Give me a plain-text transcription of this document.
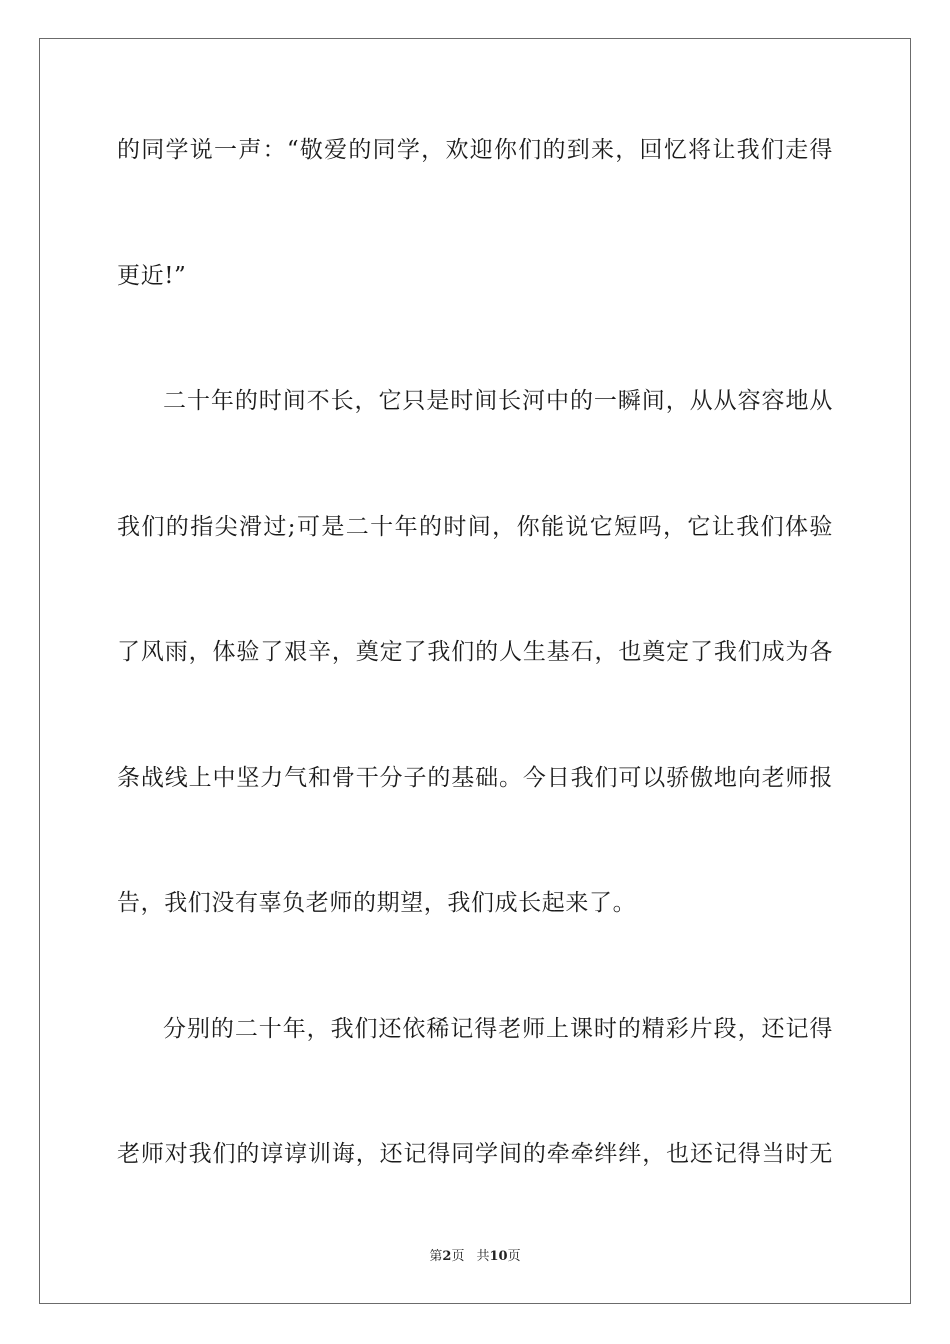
的同学说一声：“敬爱的同学，欢迎你们的到来，回忆将让我们走得

更近!”

二十年的时间不长，它只是时间长河中的一瞬间，从从容容地从

我们的指尖滑过;可是二十年的时间，你能说它短吗，它让我们体验

了风雨，体验了艰辛，奠定了我们的人生基石，也奠定了我们成为各

条战线上中坚力气和骨干分子的基础。今日我们可以骄傲地向老师报

告，我们没有辜负老师的期望，我们成长起来了。

分别的二十年，我们还依稀记得老师上课时的精彩片段，还记得

老师对我们的谆谆训诲，还记得同学间的牵牵绊绊，也还记得当时无

第2页 共10页
